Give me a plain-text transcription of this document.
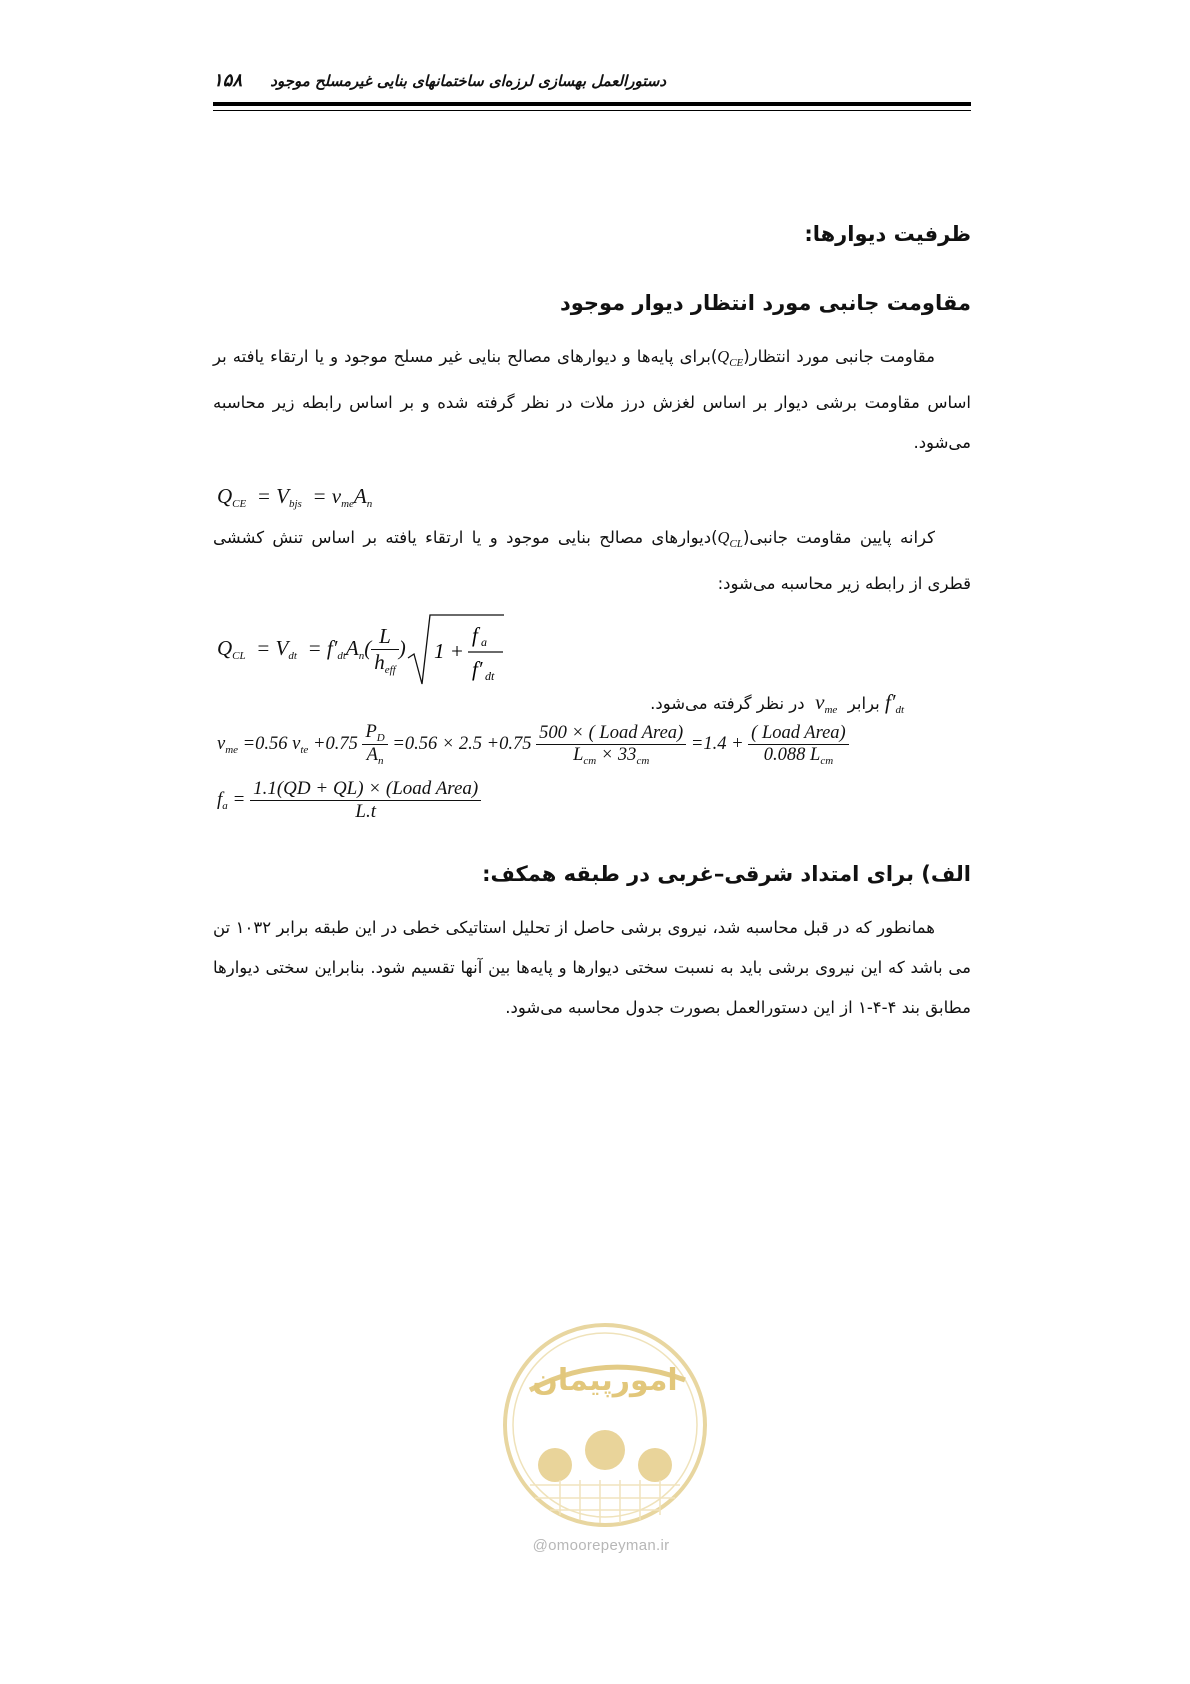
دستورالعمل بهسازی لرزه‌ای ساختمانهای بنایی غیرمسلح موجود
۱۵۸
ظرفیت دیوارها:
مقاومت جانبی مورد انتظار دیوار موجود
مقاومت جانبی مورد $انتظار(Q_{CE})برای$ پایه‌ها و دیوارهای مصالح بنایی غیر مسلح موجود و یا ارتقاء یافته بر اساس مقاومت برشی دیوار بر اساس لغزش درز ملات در نظر گرفته شده و بر اساس رابطه زیر محاسبه می‌شود.
$Q_{CE} = V_{bjs} = v_{me}A_n$
کرانه پایین مقاومت $جانبی(Q_{CL})دیوارهای$ مصالح بنایی موجود و یا ارتقاء یافته بر اساس تنش کششی قطری از رابطه زیر محاسبه می‌شود:
$Q_{CL} = V_{dt} = f'_{dt}A_n( \frac{L}{h_{eff}}$ ) 1 +
f a
f′ dt
$f'_{dt}$ برابر  $v_{me}$  در نظر گرفته می‌شود.
$v_{me} =0.56$ $v_{te} +0.75 \frac{P_D}{A_n} =0.56 \times 2.5 +0.75 \frac{\text{500 × ( Load Area)}}{L_{cm} \times 33_{cm}} =1.4 + \frac{\text{( Load Area)}}{0.088 L_{cm}}$
$f_a = \frac{\text{1.1(QD + QL) × (Load Area)}}{L.t}$
الف) برای امتداد شرقی–غربی در طبقه همکف:
همانطور که در قبل محاسبه شد، نیروی برشی حاصل از تحلیل استاتیکی خطی در این طبقه برابر ۱۰۳۲ تن می باشد که این نیروی برشی باید به نسبت سختی دیوارها و پایه‌ها بین آنها تقسیم شود. بنابراین سختی دیوارها مطابق بند ۴-۴-۱ از این دستورالعمل بصورت جدول محاسبه می‌شود.
امورپیمان
@omoorepeyman.ir
